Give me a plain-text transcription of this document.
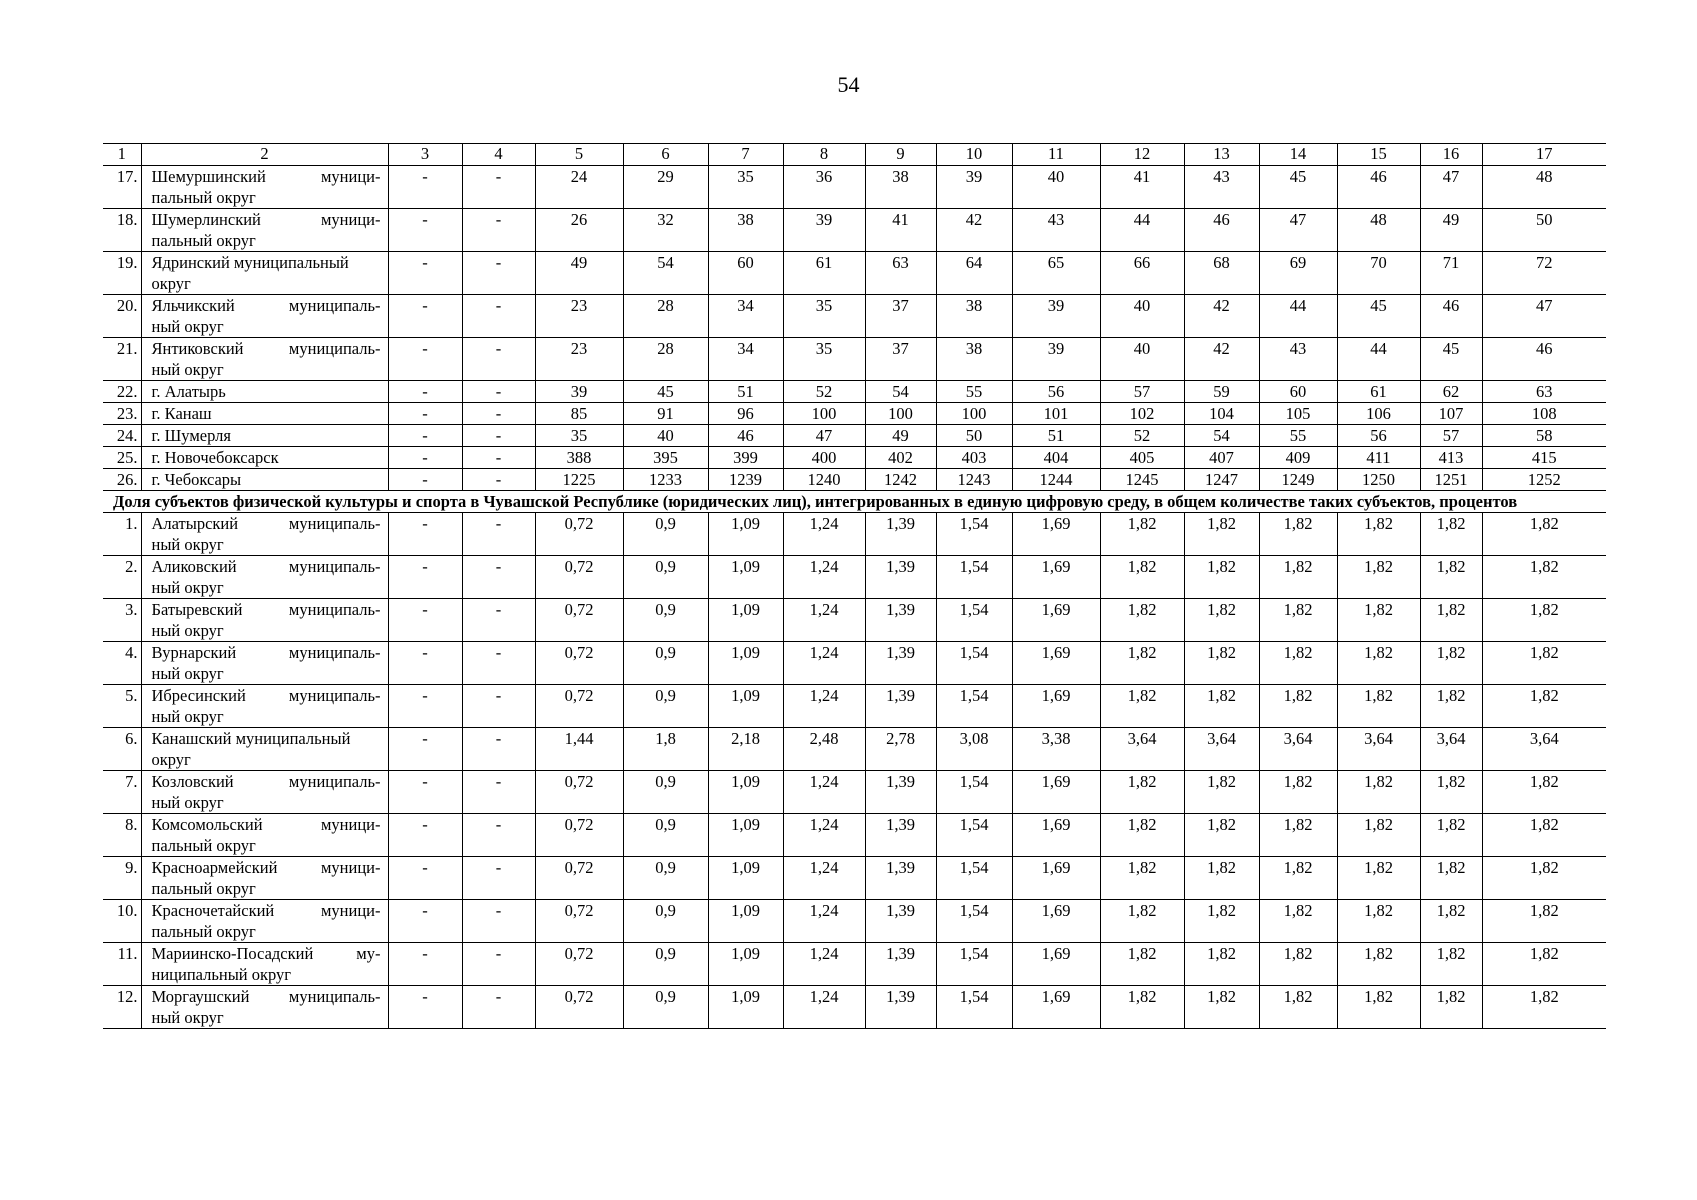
54
1	2	3	4	5	6	7	8	9	10	11	12	13	14	15	16	17
17.	Шемуршинский муници-
пальный округ	-	-	24	29	35	36	38	39	40	41	43	45	46	47	48
18.	Шумерлинский муници-
пальный округ	-	-	26	32	38	39	41	42	43	44	46	47	48	49	50
19.	Ядринский муниципальный
округ	-	-	49	54	60	61	63	64	65	66	68	69	70	71	72
20.	Яльчикский муниципаль-
ный округ	-	-	23	28	34	35	37	38	39	40	42	44	45	46	47
21.	Янтиковский муниципаль-
ный округ	-	-	23	28	34	35	37	38	39	40	42	43	44	45	46
22.	г. Алатырь	-	-	39	45	51	52	54	55	56	57	59	60	61	62	63
23.	г. Канаш	-	-	85	91	96	100	100	100	101	102	104	105	106	107	108
24.	г. Шумерля	-	-	35	40	46	47	49	50	51	52	54	55	56	57	58
25.	г. Новочебоксарск	-	-	388	395	399	400	402	403	404	405	407	409	411	413	415
26.	г. Чебоксары	-	-	1225	1233	1239	1240	1242	1243	1244	1245	1247	1249	1250	1251	1252
Доля субъектов физической культуры и спорта в Чувашской Республике (юридических лиц), интегрированных в единую цифровую среду, в общем количестве таких субъектов, процентов																
1.	Алатырский муниципаль-
ный округ	-	-	0,72	0,9	1,09	1,24	1,39	1,54	1,69	1,82	1,82	1,82	1,82	1,82	1,82
2.	Аликовский муниципаль-
ный округ	-	-	0,72	0,9	1,09	1,24	1,39	1,54	1,69	1,82	1,82	1,82	1,82	1,82	1,82
3.	Батыревский муниципаль-
ный округ	-	-	0,72	0,9	1,09	1,24	1,39	1,54	1,69	1,82	1,82	1,82	1,82	1,82	1,82
4.	Вурнарский муниципаль-
ный округ	-	-	0,72	0,9	1,09	1,24	1,39	1,54	1,69	1,82	1,82	1,82	1,82	1,82	1,82
5.	Ибресинский муниципаль-
ный округ	-	-	0,72	0,9	1,09	1,24	1,39	1,54	1,69	1,82	1,82	1,82	1,82	1,82	1,82
6.	Канашский муниципальный
округ	-	-	1,44	1,8	2,18	2,48	2,78	3,08	3,38	3,64	3,64	3,64	3,64	3,64	3,64
7.	Козловский муниципаль-
ный округ	-	-	0,72	0,9	1,09	1,24	1,39	1,54	1,69	1,82	1,82	1,82	1,82	1,82	1,82
8.	Комсомольский муници-
пальный округ	-	-	0,72	0,9	1,09	1,24	1,39	1,54	1,69	1,82	1,82	1,82	1,82	1,82	1,82
9.	Красноармейский муници-
пальный округ	-	-	0,72	0,9	1,09	1,24	1,39	1,54	1,69	1,82	1,82	1,82	1,82	1,82	1,82
10.	Красночетайский муници-
пальный округ	-	-	0,72	0,9	1,09	1,24	1,39	1,54	1,69	1,82	1,82	1,82	1,82	1,82	1,82
11.	Мариинско-Посадский му-
ниципальный округ	-	-	0,72	0,9	1,09	1,24	1,39	1,54	1,69	1,82	1,82	1,82	1,82	1,82	1,82
12.	Моргаушский муниципаль-
ный округ	-	-	0,72	0,9	1,09	1,24	1,39	1,54	1,69	1,82	1,82	1,82	1,82	1,82	1,82
